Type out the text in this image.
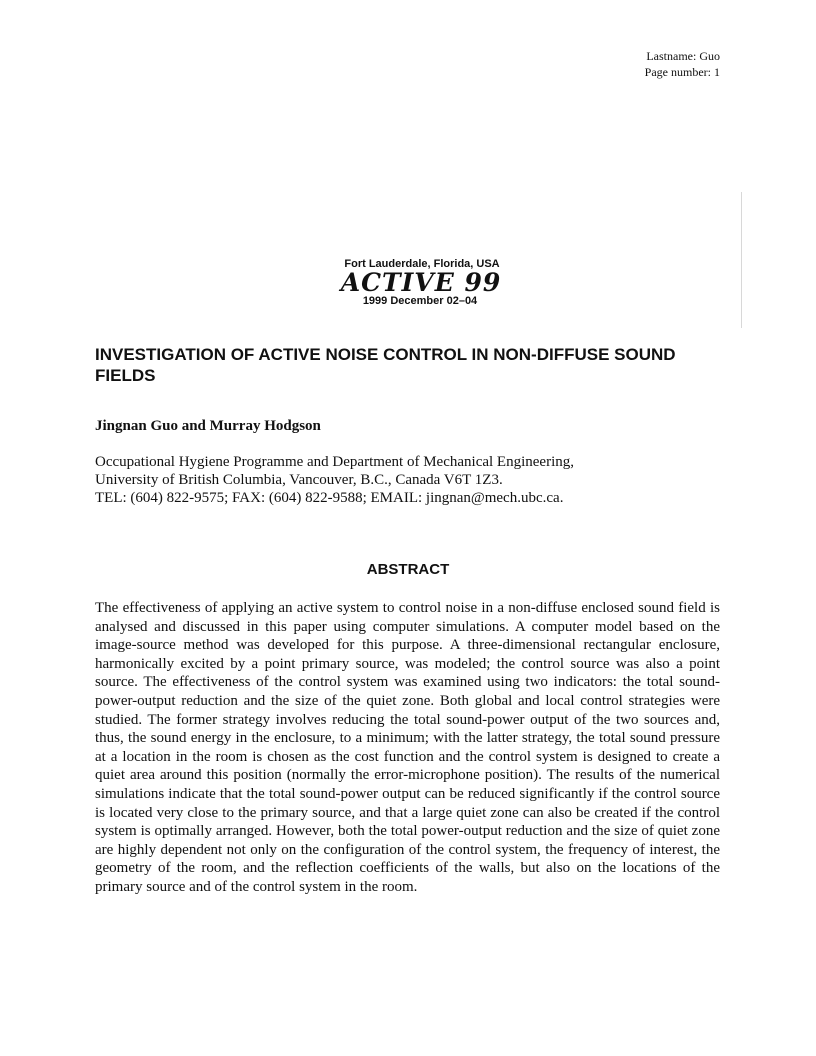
Lastname: Guo
Page number: 1
Fort Lauderdale, Florida, USA
ACTIVE 99
1999 December 02–04
INVESTIGATION OF ACTIVE NOISE CONTROL IN NON-DIFFUSE SOUND FIELDS
Jingnan Guo and Murray Hodgson
Occupational Hygiene Programme and Department of Mechanical Engineering,
University of British Columbia, Vancouver, B.C., Canada V6T 1Z3.
TEL: (604) 822-9575; FAX: (604) 822-9588; EMAIL: jingnan@mech.ubc.ca.
ABSTRACT

The effectiveness of applying an active system to control noise in a non-diffuse enclosed sound field is analysed and discussed in this paper using computer simulations. A computer model based on the image-source method was developed for this purpose. A three-dimensional rectangular enclosure, harmonically excited by a point primary source, was modeled; the control source was also a point source. The effectiveness of the control system was examined using two indicators: the total sound-power-output reduction and the size of the quiet zone. Both global and local control strategies were studied. The former strategy involves reducing the total sound-power output of the two sources and, thus, the sound energy in the enclosure, to a minimum; with the latter strategy, the total sound pressure at a location in the room is chosen as the cost function and the control system is designed to create a quiet area around this position (normally the error-microphone position). The results of the numerical simulations indicate that the total sound-power output can be reduced significantly if the control source is located very close to the primary source, and that a large quiet zone can also be created if the control system is optimally arranged. However, both the total power-output reduction and the size of quiet zone are highly dependent not only on the configuration of the control system, the frequency of interest, the geometry of the room, and the reflection coefficients of the walls, but also on the locations of the primary source and of the control system in the room.
